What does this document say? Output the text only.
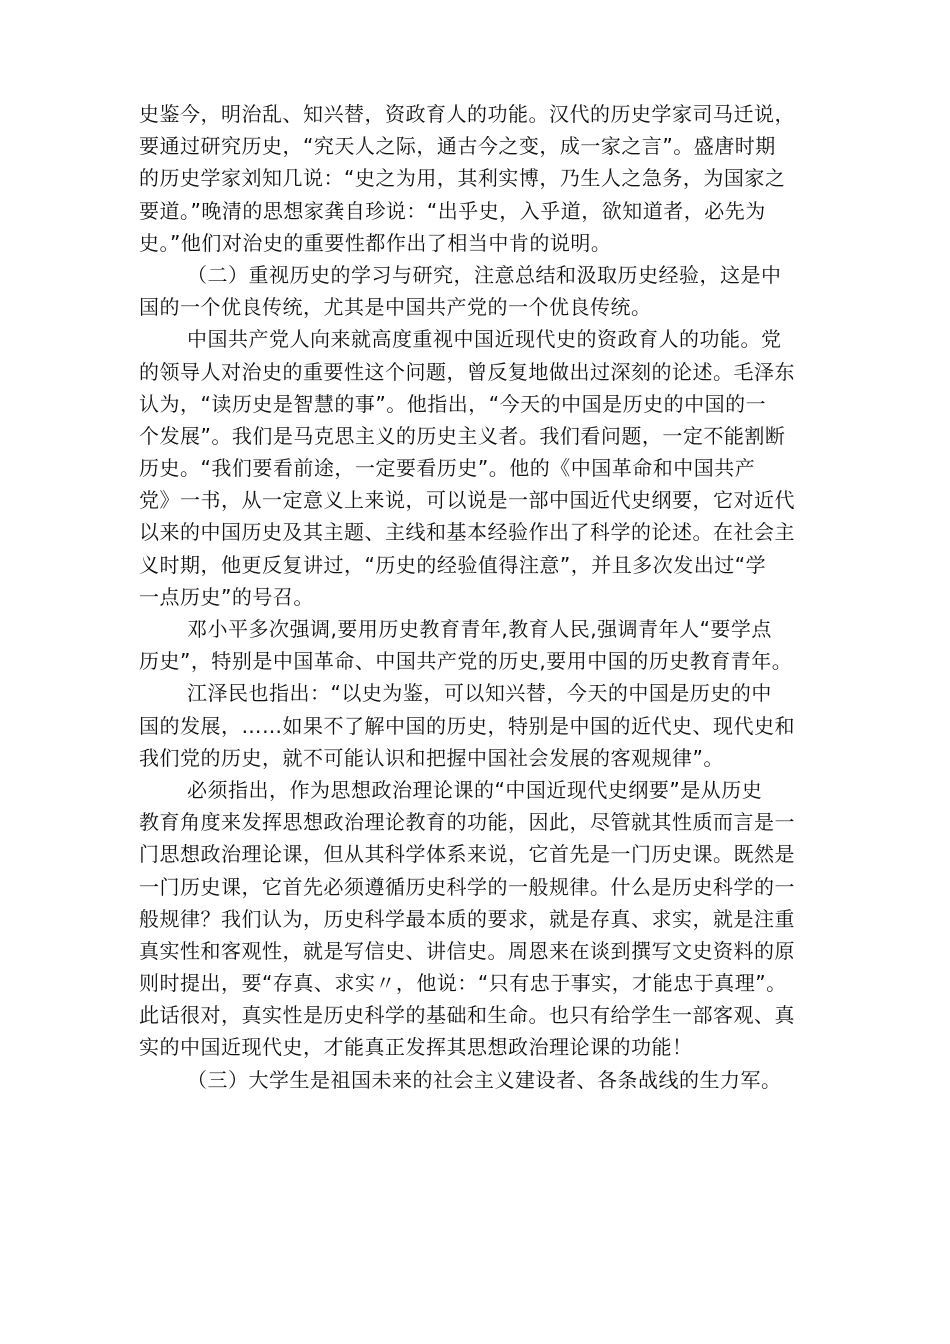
史鉴今，明治乱、知兴替，资政育人的功能。汉代的历史学家司马迁说，
要通过研究历史，“究天人之际，通古今之变，成一家之言”。盛唐时期
的历史学家刘知几说：“史之为用，其利实博，乃生人之急务，为国家之
要道。”晚清的思想家龚自珍说：“出乎史，入乎道，欲知道者，必先为
史。”他们对治史的重要性都作出了相当中肯的说明。
（二）重视历史的学习与研究，注意总结和汲取历史经验，这是中
国的一个优良传统，尤其是中国共产党的一个优良传统。
中国共产党人向来就高度重视中国近现代史的资政育人的功能。党
的领导人对治史的重要性这个问题，曾反复地做出过深刻的论述。毛泽东
认为，“读历史是智慧的事”。他指出，“今天的中国是历史的中国的一
个发展”。我们是马克思主义的历史主义者。我们看问题，一定不能割断
历史。“我们要看前途，一定要看历史”。他的《中国革命和中国共产
党》一书，从一定意义上来说，可以说是一部中国近代史纲要，它对近代
以来的中国历史及其主题、主线和基本经验作出了科学的论述。在社会主
义时期，他更反复讲过，“历史的经验值得注意”，并且多次发出过“学
一点历史”的号召。
邓小平多次强调,要用历史教育青年,教育人民,强调青年人“要学点
历史”，特别是中国革命、中国共产党的历史,要用中国的历史教育青年。
江泽民也指出：“以史为鉴，可以知兴替，今天的中国是历史的中
国的发展，……如果不了解中国的历史，特别是中国的近代史、现代史和
我们党的历史，就不可能认识和把握中国社会发展的客观规律”。
必须指出，作为思想政治理论课的“中国近现代史纲要”是从历史
教育角度来发挥思想政治理论教育的功能，因此，尽管就其性质而言是一
门思想政治理论课，但从其科学体系来说，它首先是一门历史课。既然是
一门历史课，它首先必须遵循历史科学的一般规律。什么是历史科学的一
般规律？我们认为，历史科学最本质的要求，就是存真、求实，就是注重
真实性和客观性，就是写信史、讲信史。周恩来在谈到撰写文史资料的原
则时提出，要“存真、求实〃，他说：“只有忠于事实，才能忠于真理”。
此话很对，真实性是历史科学的基础和生命。也只有给学生一部客观、真
实的中国近现代史，才能真正发挥其思想政治理论课的功能！
（三）大学生是祖国未来的社会主义建设者、各条战线的生力军。
